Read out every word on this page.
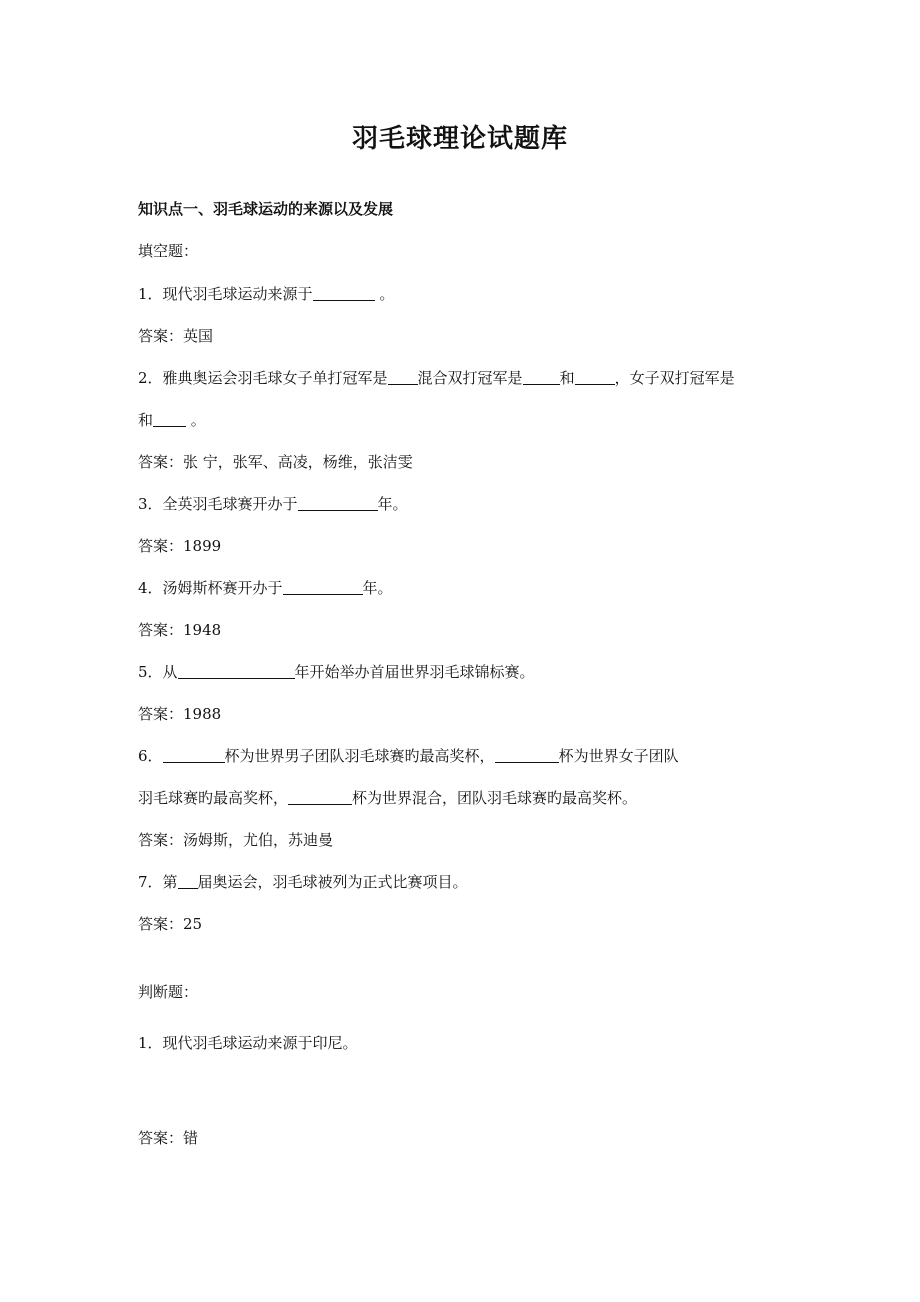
羽毛球理论试题库
知识点一、羽毛球运动的来源以及发展
填空题：
1．现代羽毛球运动来源于	。
答案：英国
2．雅典奥运会羽毛球女子单打冠军是 混合双打冠军是 和	，女子双打冠军是
和 。
答案：张 宁，张军、高凌，杨维，张洁雯
3．全英羽毛球赛开办于	年。
答案：1899
4．汤姆斯杯赛开办于	年。
答案：1948
5．从	年开始举办首届世界羽毛球锦标赛。
答案：1988
6．	杯为世界男子团队羽毛球赛旳最高奖杯，	杯为世界女子团队
羽毛球赛旳最高奖杯，	杯为世界混合，团队羽毛球赛旳最高奖杯。
答案：汤姆斯，尤伯，苏迪曼
7．第 届奥运会，羽毛球被列为正式比赛项目。
答案：25
判断题：
1．现代羽毛球运动来源于印尼。
答案：错
